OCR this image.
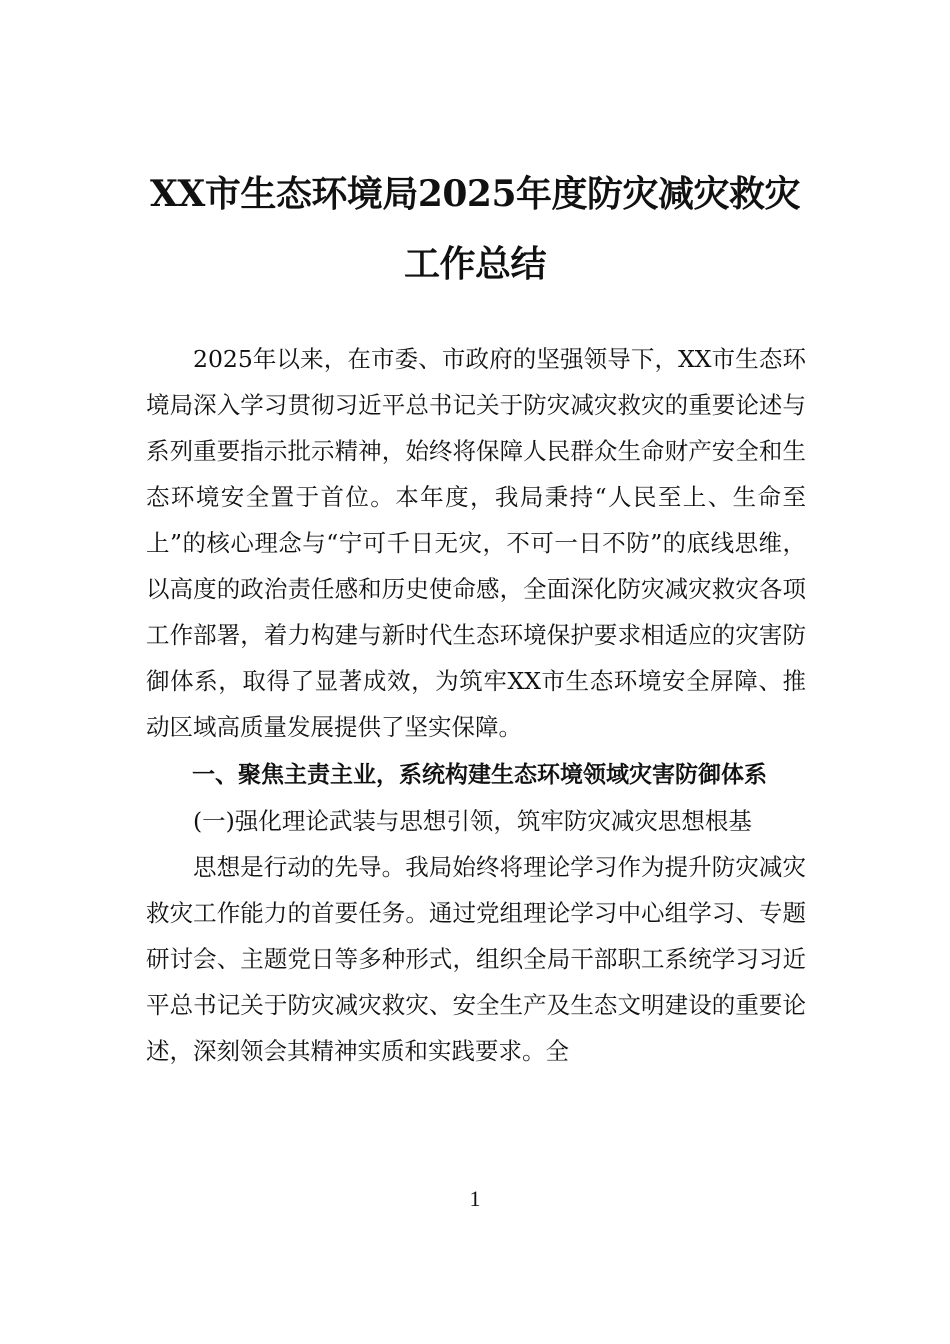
XX市生态环境局2025年度防灾减灾救灾
工作总结

2025年以来，在市委、市政府的坚强领导下，XX市生态环境局深入学习贯彻习近平总书记关于防灾减灾救灾的重要论述与系列重要指示批示精神，始终将保障人民群众生命财产安全和生态环境安全置于首位。本年度，我局秉持“人民至上、生命至上”的核心理念与“宁可千日无灾，不可一日不防”的底线思维，以高度的政治责任感和历史使命感，全面深化防灾减灾救灾各项工作部署，着力构建与新时代生态环境保护要求相适应的灾害防御体系，取得了显著成效，为筑牢XX市生态环境安全屏障、推动区域高质量发展提供了坚实保障。

一、聚焦主责主业，系统构建生态环境领域灾害防御体系

(一)强化理论武装与思想引领，筑牢防灾减灾思想根基

思想是行动的先导。我局始终将理论学习作为提升防灾减灾救灾工作能力的首要任务。通过党组理论学习中心组学习、专题研讨会、主题党日等多种形式，组织全局干部职工系统学习习近平总书记关于防灾减灾救灾、安全生产及生态文明建设的重要论述，深刻领会其精神实质和实践要求。全

1
